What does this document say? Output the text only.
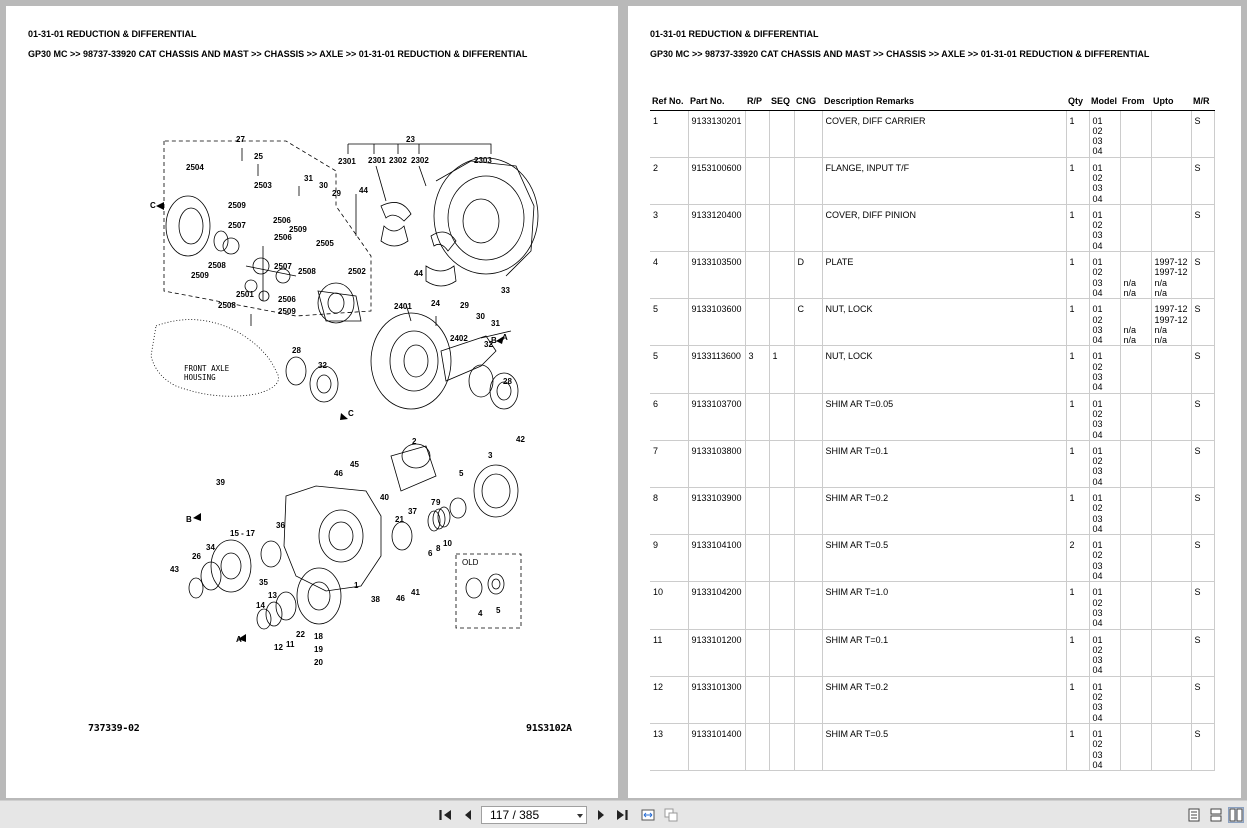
01-31-01 REDUCTION & DIFFERENTIAL
GP30 MC >> 98737-33920 CAT CHASSIS AND MAST >> CHASSIS >> AXLE >> 01-31-01 REDUCTION & DIFFERENTIAL
27
25
2504
2503
31
30
29
23
2301 2301 2302 2302	2303
44
2509
2506
2509
2507
2506
2505
2508	2507
2508
2509
2501
2506
2508
2509
2502
2401 24
44
29
30
33
31
2402
28
32
32
28
FRONT AXLE
HOUSING
2	42
46
45
39
40
37
3
5
36
15 - 17
21
7 9
10
8
6
34
26
OLD
43
35
41
46
38
13
14
22
1
4 5
12 11
18
19
20
A
A
B
B
C
C
737339-02	91S3102A
01-31-01 REDUCTION & DIFFERENTIAL
GP30 MC >> 98737-33920 CAT CHASSIS AND MAST >> CHASSIS >> AXLE >> 01-31-01 REDUCTION & DIFFERENTIAL
Ref No.	Part No.	R/P	SEQ	CNG	Description Remarks	Qty	Model	From	Upto	M/R
1	9133130201				COVER, DIFF CARRIER	1	01
02
03
04			S
2	9153100600				FLANGE, INPUT T/F	1	01
02
03
04			S
3	9133120400				COVER, DIFF PINION	1	01
02
03
04			S
4	9133103500			D	PLATE	1	01
02
03
04	n/a
n/a	1997-12
1997-12
n/a
n/a	S
5	9133103600			C	NUT, LOCK	1	01
02
03
04	n/a
n/a	1997-12
1997-12
n/a
n/a	S
5	9133113600	3	1		NUT, LOCK	1	01
02
03
04			S
6	9133103700				SHIM AR T=0.05	1	01
02
03
04			S
7	9133103800				SHIM AR T=0.1	1	01
02
03
04			S
8	9133103900				SHIM AR T=0.2	1	01
02
03
04			S
9	9133104100				SHIM AR T=0.5	2	01
02
03
04			S
10	9133104200				SHIM AR T=1.0	1	01
02
03
04			S
11	9133101200				SHIM AR T=0.1	1	01
02
03
04			S
12	9133101300				SHIM AR T=0.2	1	01
02
03
04			S
13	9133101400				SHIM AR T=0.5	1	01
02
03
04			S
117 / 385
